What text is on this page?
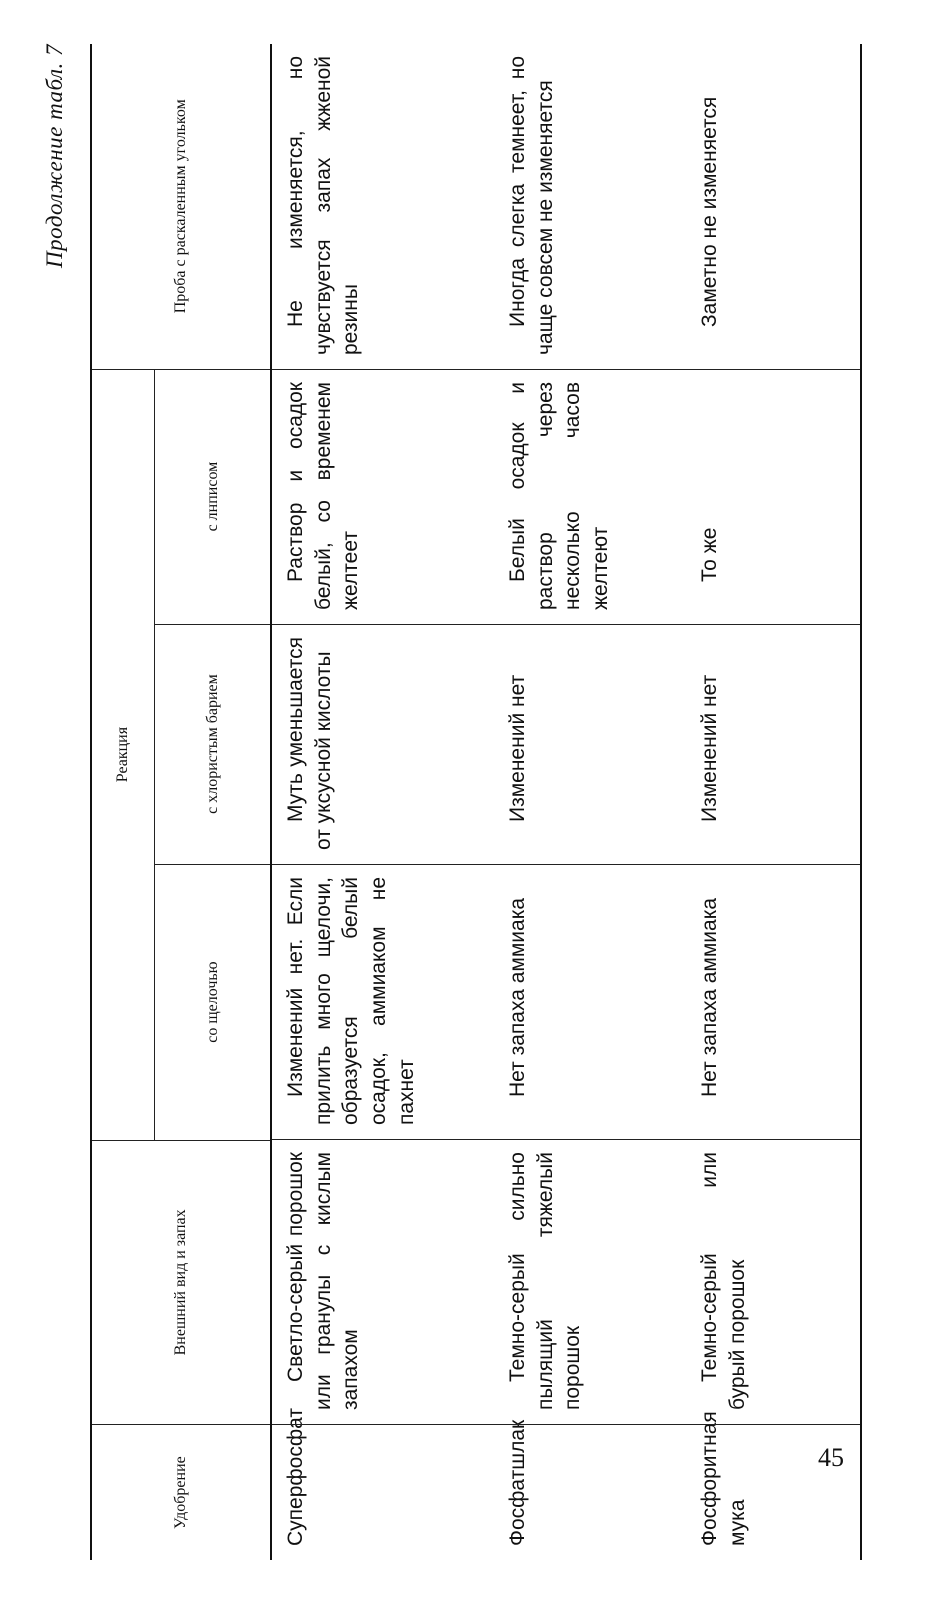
Продолжение табл. 7
Удобрение
Внешний вид и запах
Реакция
со щелочью
с хлористым барием
с лнписом
Проба с раскаленным угольком
Суперфосфат
Светло-серый порошок или гранулы с кислым запахом
Изменений нет. Если прилить много щелочи, образуется белый осадок, аммиаком не пахнет
Муть уменьшается от уксусной кислоты
Раствор и осадок белый, со временем желтеет
Не изменяется, но чувствуется запах жженой резины
Фосфатшлак
Темно-серый сильно пылящий тяжелый порошок
Нет запаха аммиака
Изменений нет
Белый осадок и раствор через несколько часов желтеют
Иногда слегка темнеет, но чаще совсем не изменяется
Фосфоритная мука
Темно-серый или бурый порошок
Нет запаха аммиака
Изменений нет
То же
Заметно не изменяется
45
